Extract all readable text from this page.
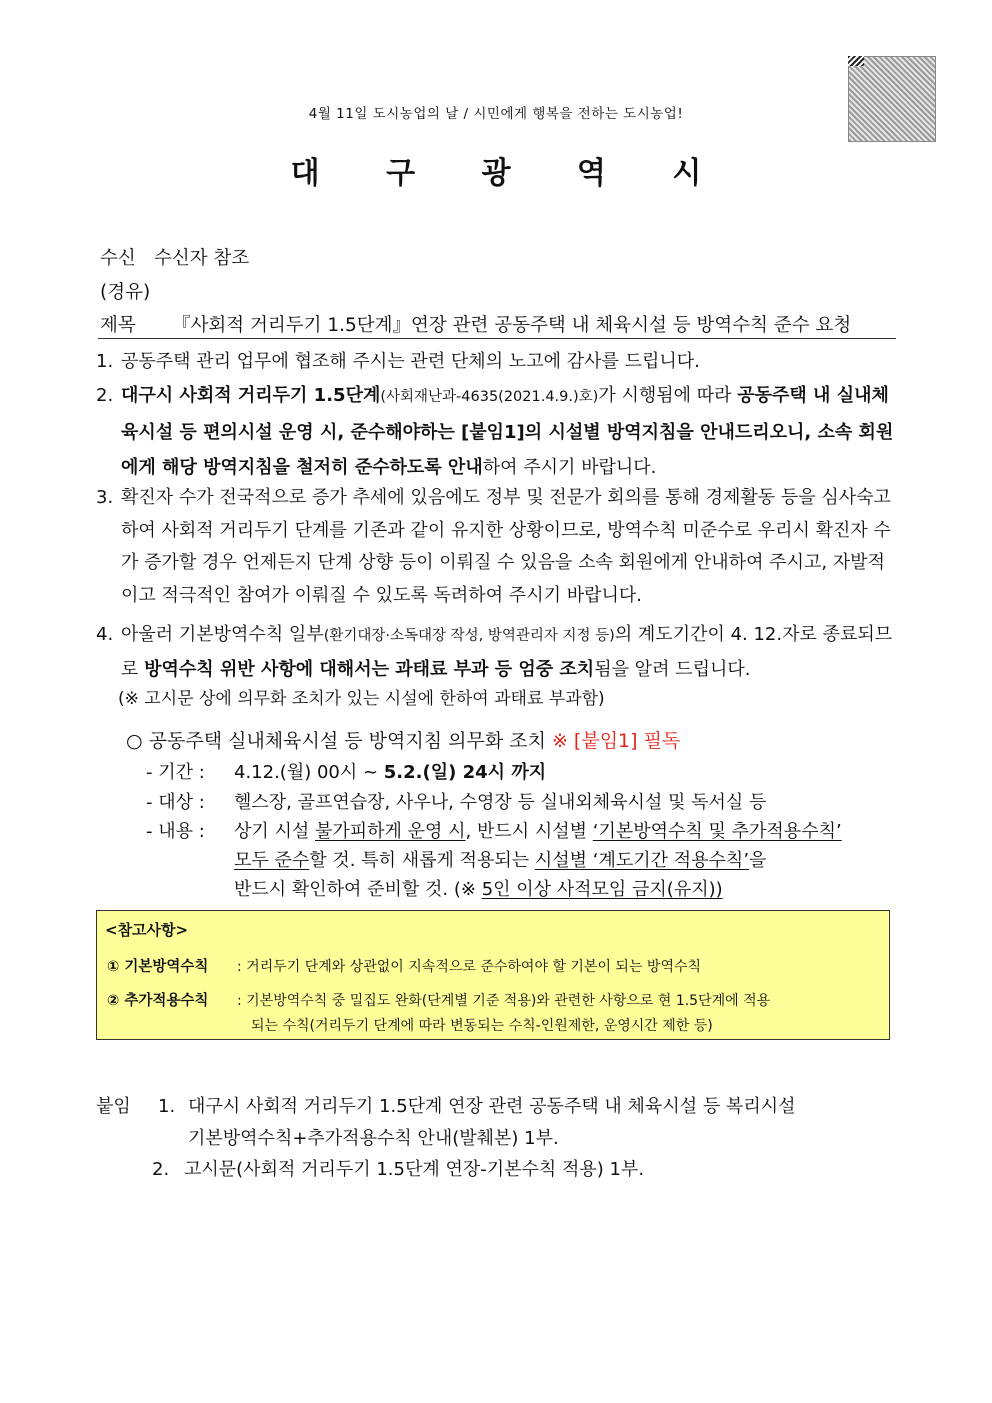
4월 11일 도시농업의 날 / 시민에게 행복을 전하는 도시농업!
대 구 광 역 시
수신 수신자 참조
(경유)
제목 『사회적 거리두기 1.5단계』연장 관련 공동주택 내 체육시설 등 방역수칙 준수 요청
1. 공동주택 관리 업무에 협조해 주시는 관련 단체의 노고에 감사를 드립니다.
2. 대구시 사회적 거리두기 1.5단계(사회재난과-4635(2021.4.9.)호)가 시행됨에 따라 공동주택 내 실내체육시설 등 편의시설 운영 시, 준수해야하는 [붙임1]의 시설별 방역지침을 안내드리오니, 소속 회원에게 해당 방역지침을 철저히 준수하도록 안내하여 주시기 바랍니다.
3. 확진자 수가 전국적으로 증가 추세에 있음에도 정부 및 전문가 회의를 통해 경제활동 등을 심사숙고하여 사회적 거리두기 단계를 기존과 같이 유지한 상황이므로, 방역수칙 미준수로 우리시 확진자 수가 증가할 경우 언제든지 단계 상향 등이 이뤄질 수 있음을 소속 회원에게 안내하여 주시고, 자발적이고 적극적인 참여가 이뤄질 수 있도록 독려하여 주시기 바랍니다.
4. 아울러 기본방역수칙 일부(환기대장·소독대장 작성, 방역관리자 지정 등)의 계도기간이 4. 12.자로 종료되므로 방역수칙 위반 사항에 대해서는 과태료 부과 등 엄중 조치됨을 알려 드립니다.
(※ 고시문 상에 의무화 조치가 있는 시설에 한하여 과태료 부과함)
○ 공동주택 실내체육시설 등 방역지침 의무화 조치 ※ [붙임1] 필독
- 기간 : 4.12.(월) 00시 ~ 5.2.(일) 24시 까지
- 대상 : 헬스장, 골프연습장, 사우나, 수영장 등 실내외체육시설 및 독서실 등
- 내용 : 상기 시설 불가피하게 운영 시, 반드시 시설별 ‘기본방역수칙 및 추가적용수칙’
모두 준수할 것. 특히 새롭게 적용되는 시설별 ‘계도기간 적용수칙’을
반드시 확인하여 준비할 것. (※ 5인 이상 사적모임 금지(유지))
<참고사항>
① 기본방역수칙 : 거리두기 단계와 상관없이 지속적으로 준수하여야 할 기본이 되는 방역수칙
② 추가적용수칙 : 기본방역수칙 중 밀집도 완화(단계별 기준 적용)와 관련한 사항으로 현 1.5단계에 적용
되는 수칙(거리두기 단계에 따라 변동되는 수칙-인원제한, 운영시간 제한 등)
붙임 1. 대구시 사회적 거리두기 1.5단계 연장 관련 공동주택 내 체육시설 등 복리시설
기본방역수칙+추가적용수칙 안내(발췌본) 1부.
2. 고시문(사회적 거리두기 1.5단계 연장-기본수칙 적용) 1부.
